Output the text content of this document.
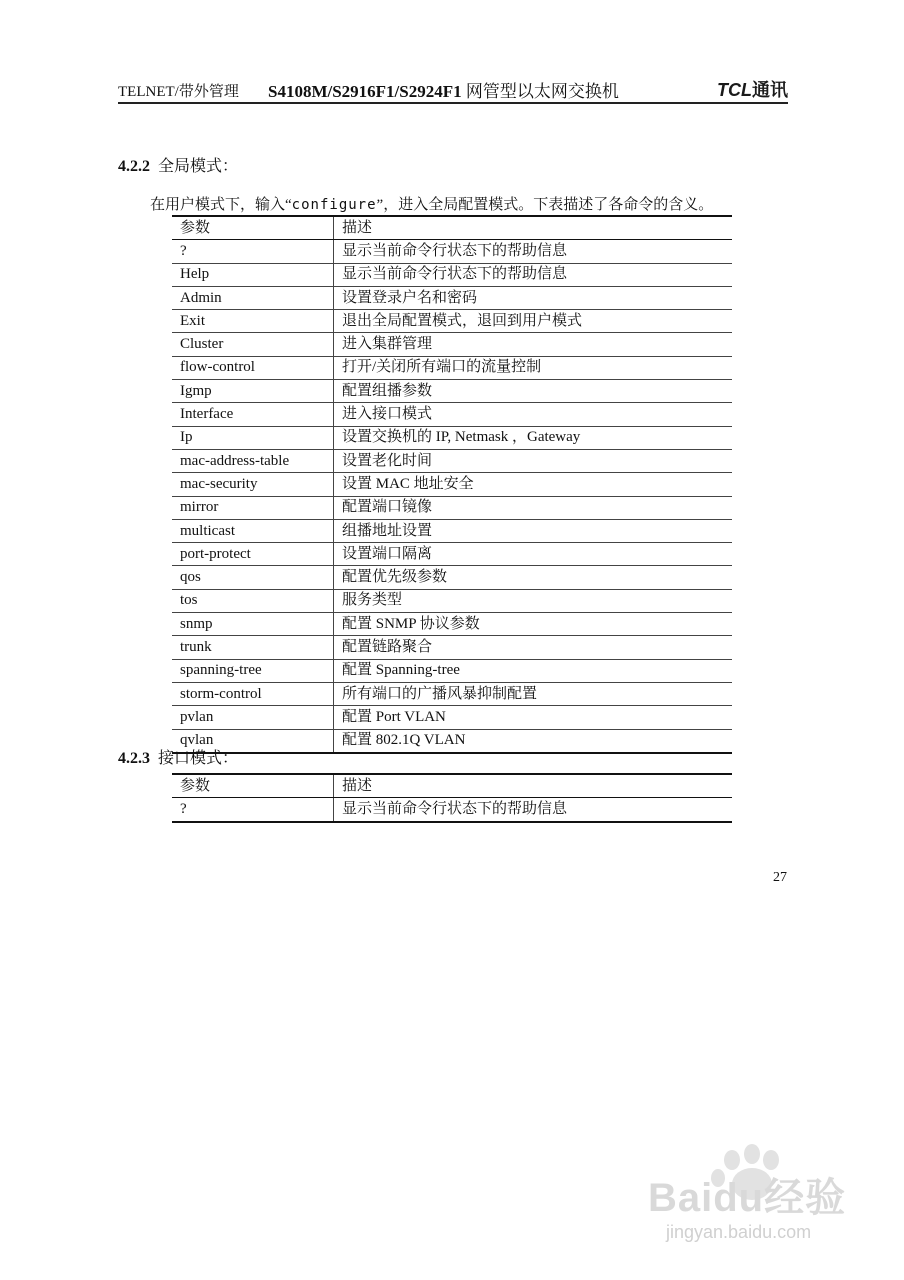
TELNET/带外管理 S4108M/S2916F1/S2924F1 网管型以太网交换机	TCL通讯
4.2.2 全局模式：
在用户模式下，输入“configure”，进入全局配置模式。下表描述了各命令的含义。
参数	描述
?	显示当前命令行状态下的帮助信息
Help	显示当前命令行状态下的帮助信息
Admin	设置登录户名和密码
Exit	退出全局配置模式，退回到用户模式
Cluster	进入集群管理
flow-control	打开/关闭所有端口的流量控制
Igmp	配置组播参数
Interface	进入接口模式
Ip	设置交换机的 IP, Netmask ，Gateway
mac-address-table	设置老化时间
mac-security	设置 MAC 地址安全
mirror	配置端口镜像
multicast	组播地址设置
port-protect	设置端口隔离
qos	配置优先级参数
tos	服务类型
snmp	配置 SNMP 协议参数
trunk	配置链路聚合
spanning-tree	配置 Spanning-tree
storm-control	所有端口的广播风暴抑制配置
pvlan	配置 Port VLAN
qvlan	配置 802.1Q VLAN
4.2.3 接口模式：
参数	描述
?	显示当前命令行状态下的帮助信息
27
Baidu经验
jingyan.baidu.com
